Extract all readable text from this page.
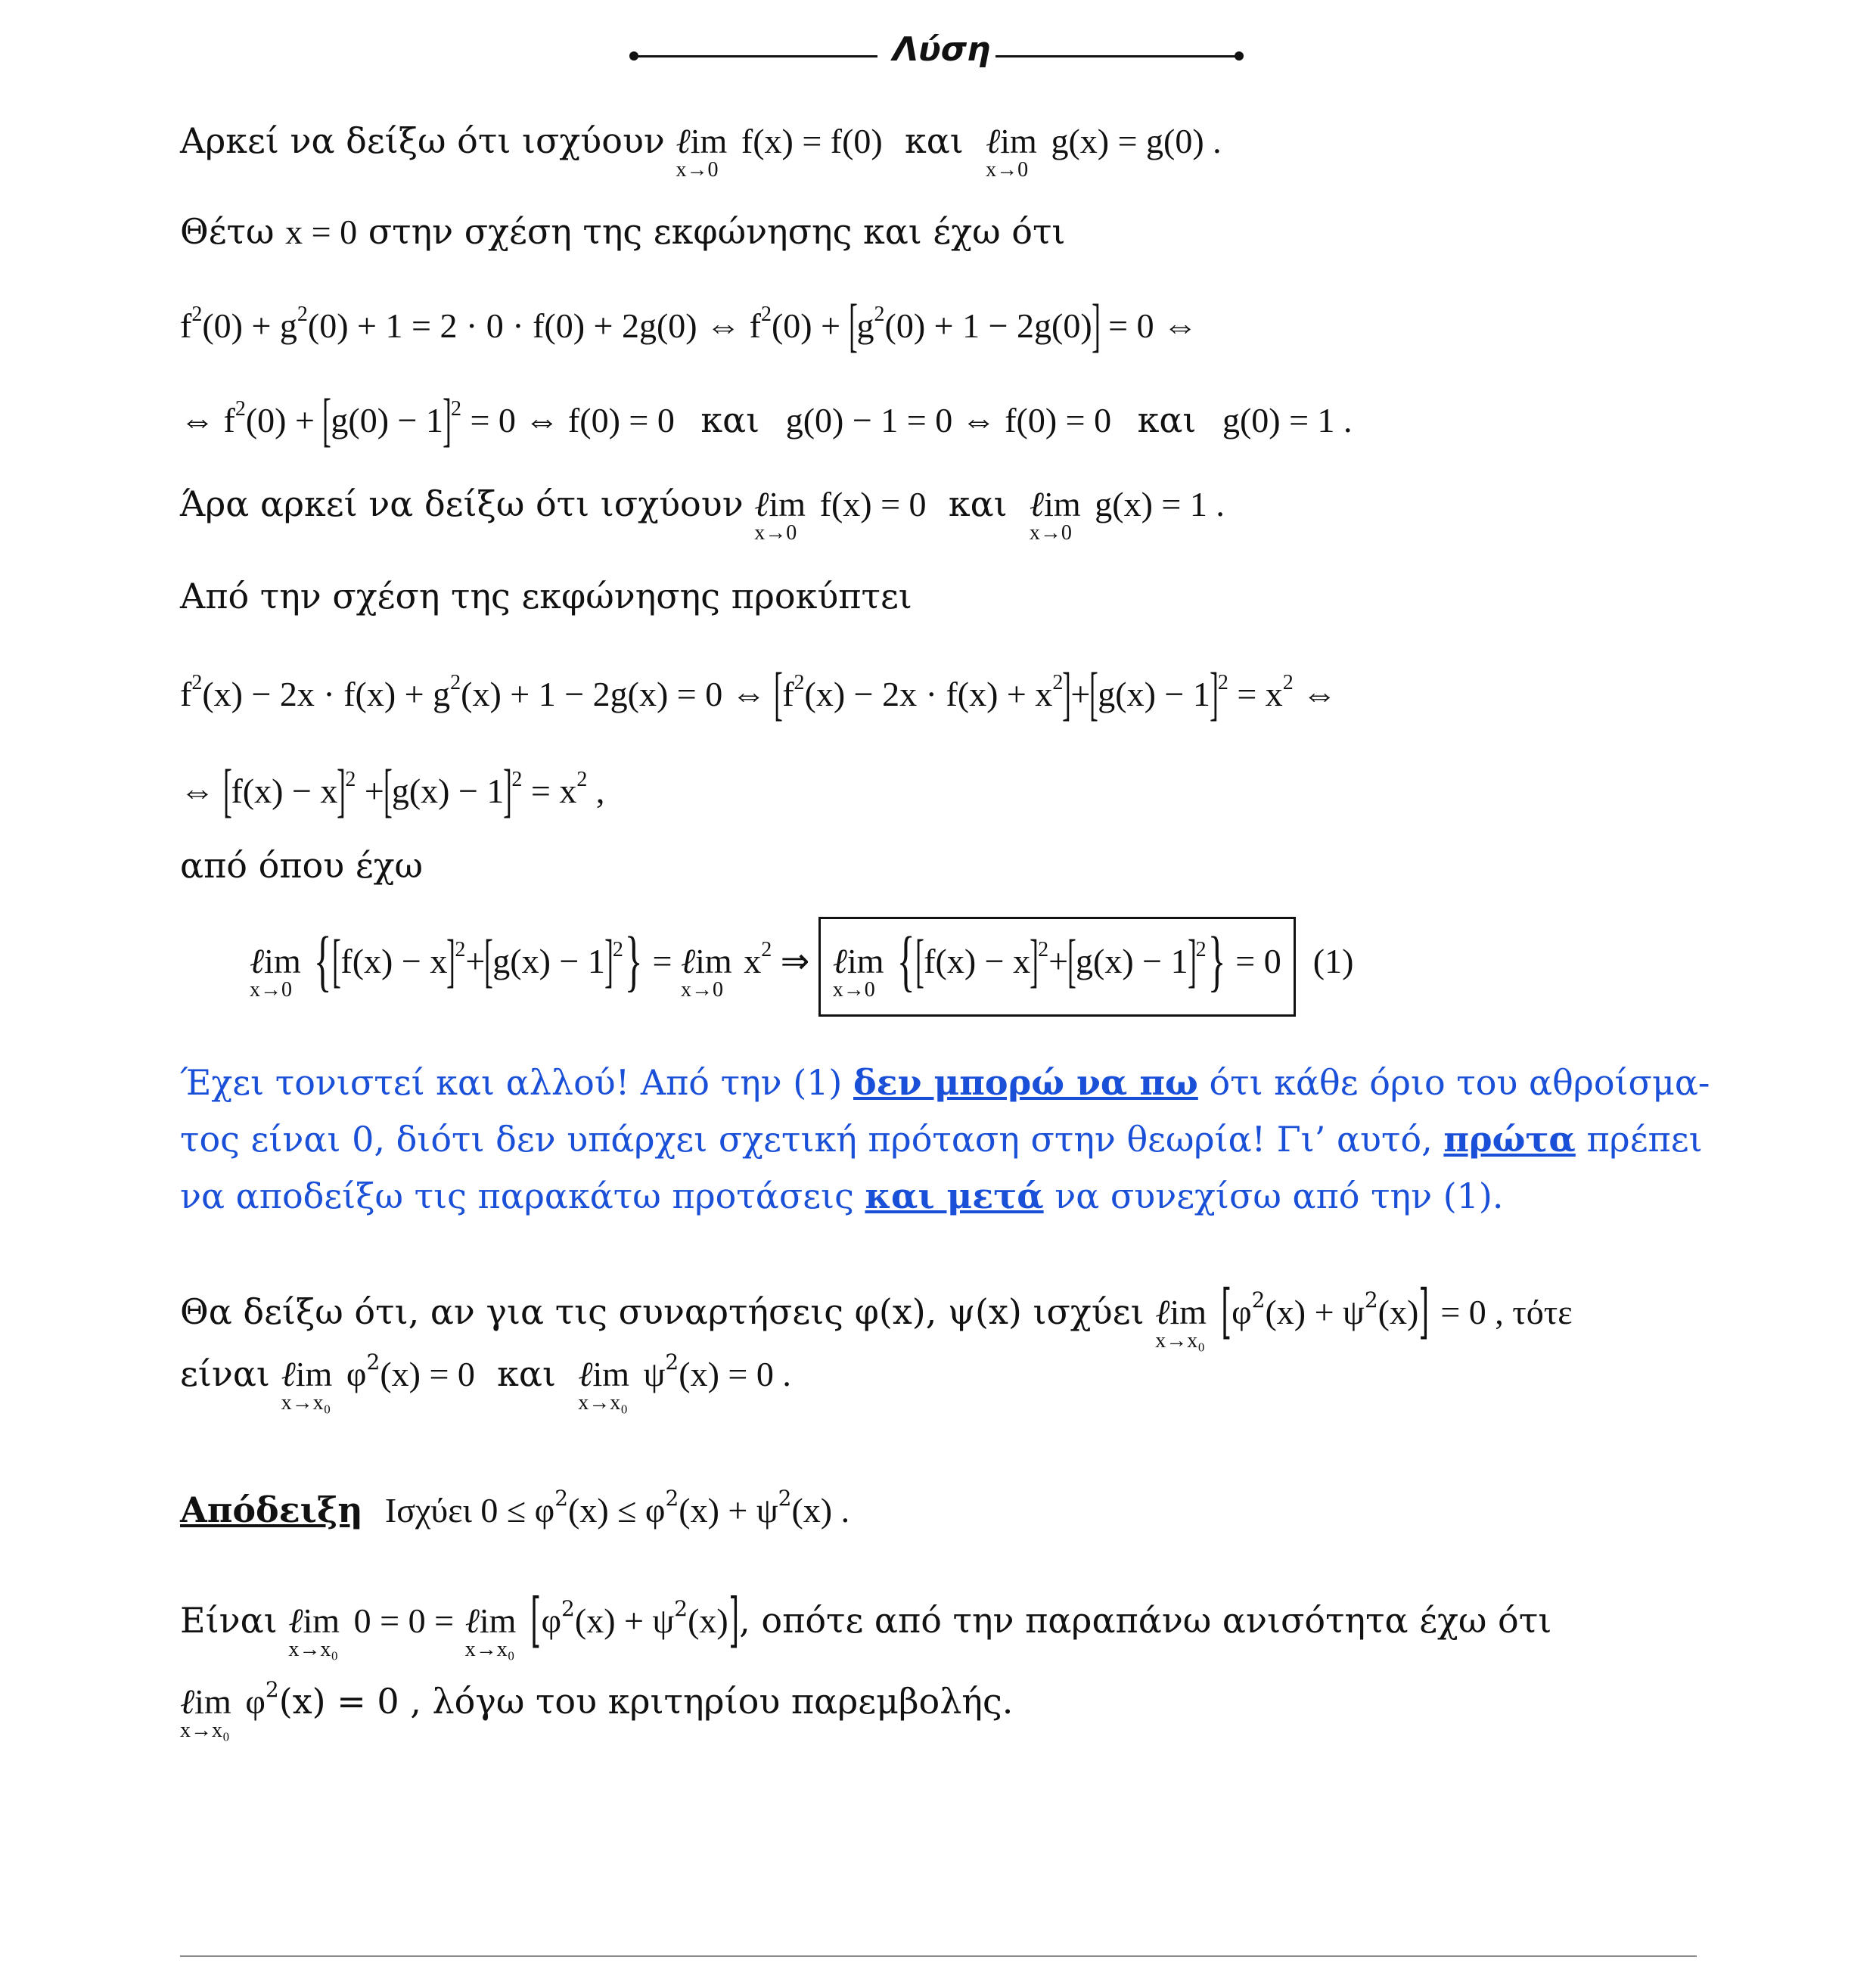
Λύση
Αρκεί να δείξω ότι ισχύουν ℓim
x→0
f(x) = f(0) και ℓim
x→0
g(x) = g(0) .
Θέτω x = 0 στην σχέση της εκφώνησης και έχω ότι
$f^2(0) + g^2(0) + 1 = 2 \cdot 0 \cdot f(0) + 2g(0)$ ⇔ $f^2(0) + [g^2(0) + 1 - 2g(0)] = 0$ ⇔
⇔ $f^2(0) + [g(0) - 1]^2 = 0$ ⇔ f(0) = 0 και g(0) − 1 = 0 ⇔ f(0) = 0 και g(0) = 1 .
Άρα αρκεί να δείξω ότι ισχύουν ℓim
x→0
f(x) = 0 και ℓim
x→0
g(x) = 1 .
Από την σχέση της εκφώνησης προκύπτει
$f^2(x) - 2x \cdot f(x) + g^2(x) + 1 - 2g(x) = 0$ ⇔ $[f^2(x) - 2x \cdot f(x) + x^2]+[g(x) - 1]^2 = x^2$ ⇔
⇔ $[f(x) - x]^2 +[g(x) - 1]^2 = x^2$ ,
από όπου έχω
ℓim
x→0 $\{[f(x) - x]^2+[g(x) - 1]^2\}$ = ℓim
x→0
$x^2$ ⇒ ℓim
x→0 $\{[f(x) - x]^2+[g(x) - 1]^2\} = 0$ (1)
Έχει τονιστεί και αλλού! Από την (1) δεν μπορώ να πω ότι κάθε όριο του αθροίσμα-
τος είναι 0, διότι δεν υπάρχει σχετική πρόταση στην θεωρία! Γι’ αυτό, πρώτα πρέπει
να αποδείξω τις παρακάτω προτάσεις και μετά να συνεχίσω από την (1).
Θα δείξω ότι, αν για τις συναρτήσεις φ(x), ψ(x) ισχύει ℓim
x→x₀ $[\varphi^2(x) + \psi^2(x)] = 0$ , τότε
είναι ℓim
x→x₀
$\varphi^2(x) = 0$ και ℓim
x→x₀
$\psi^2(x) = 0$ .
Απόδειξη Ισχύει $0 \le \varphi^2(x) \le \varphi^2(x) + \psi^2(x)$ .
Είναι ℓim
x→x₀
0 = 0 = ℓim
x→x₀ $[\varphi^2(x) + \psi^2(x)]$, οπότε από την παραπάνω ανισότητα έχω ότι
ℓim
x→x₀
$\varphi^2(x) = 0$ , λόγω του κριτηρίου παρεμβολής.
